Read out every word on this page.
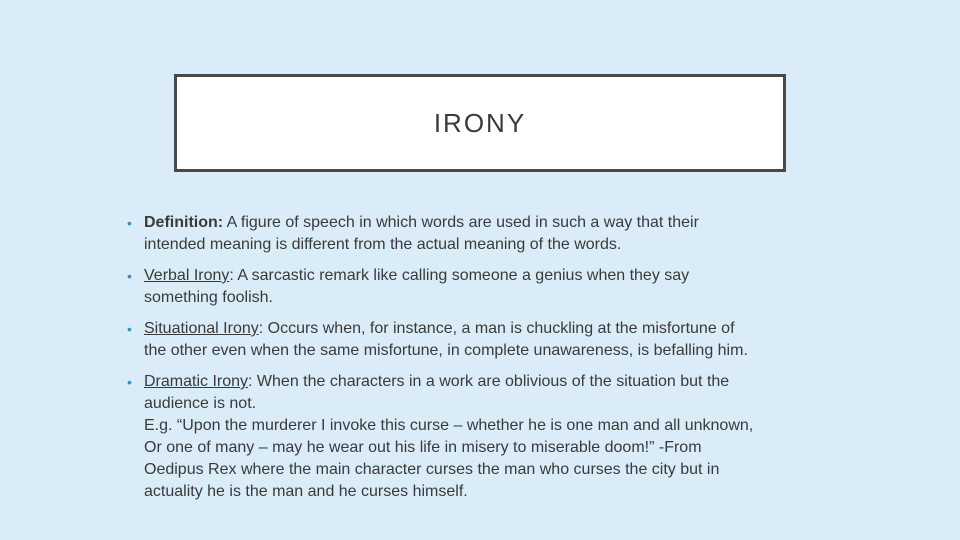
IRONY
• Definition: A figure of speech in which words are used in such a way that their
intended meaning is different from the actual meaning of the words.
• Verbal Irony: A sarcastic remark like calling someone a genius when they say
something foolish.
• Situational Irony: Occurs when, for instance, a man is chuckling at the misfortune of
the other even when the same misfortune, in complete unawareness, is befalling him.
• Dramatic Irony: When the characters in a work are oblivious of the situation but the
audience is not.
E.g. “Upon the murderer I invoke this curse – whether he is one man and all unknown,
Or one of many – may he wear out his life in misery to miserable doom!” -From
Oedipus Rex where the main character curses the man who curses the city but in
actuality he is the man and he curses himself.
